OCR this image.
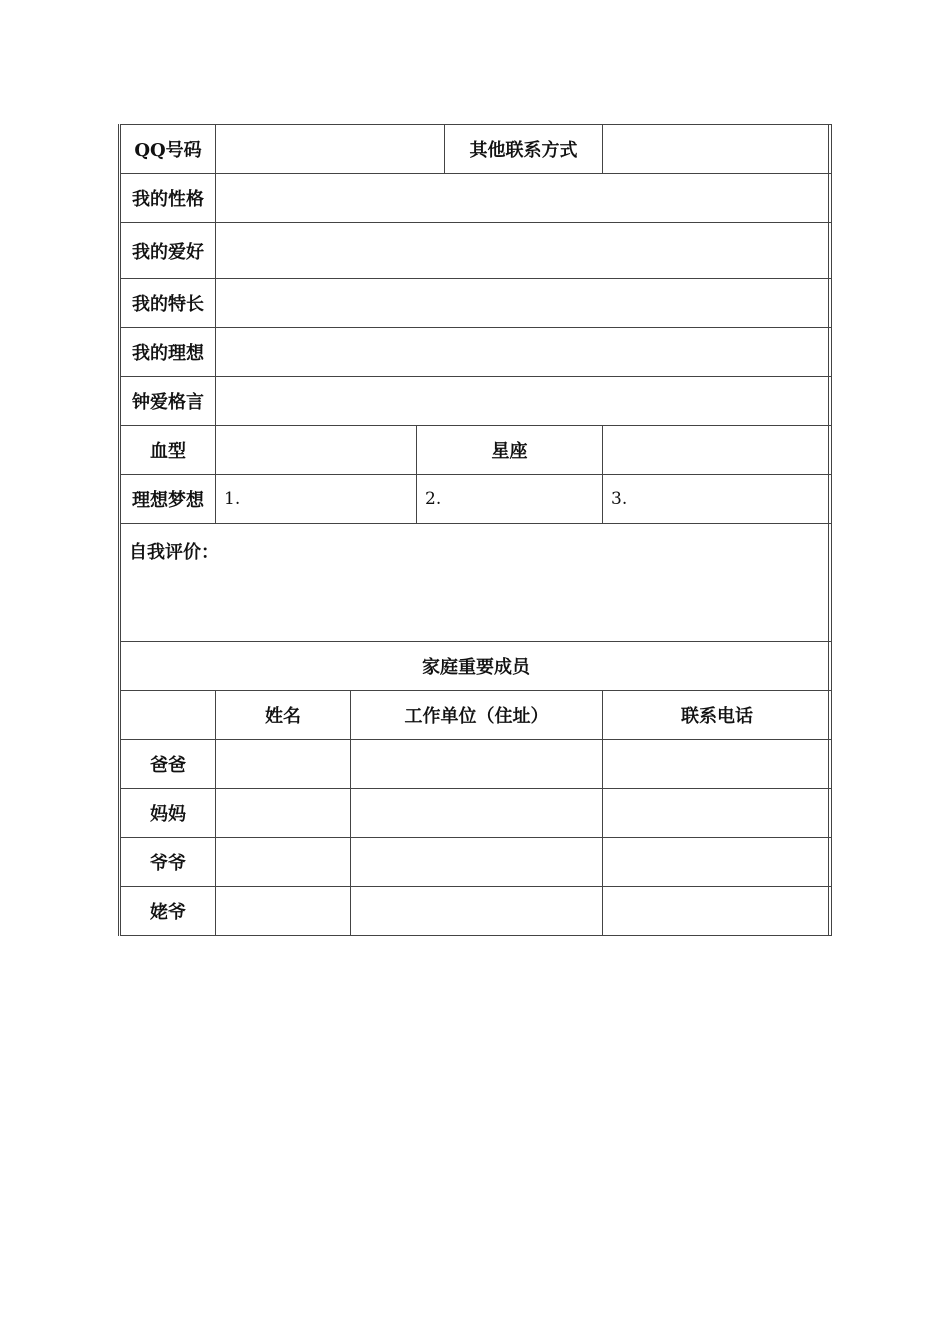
QQ号码				其他联系方式	
我的性格					
我的爱好					
我的特长					
我的理想					
钟爱格言					
血型			星座		
理想梦想	1.		2.		3.
自我评价：					
家庭重要成员					
	姓名	工作单位（住址）			联系电话
爸爸					
妈妈					
爷爷					
姥爷					
